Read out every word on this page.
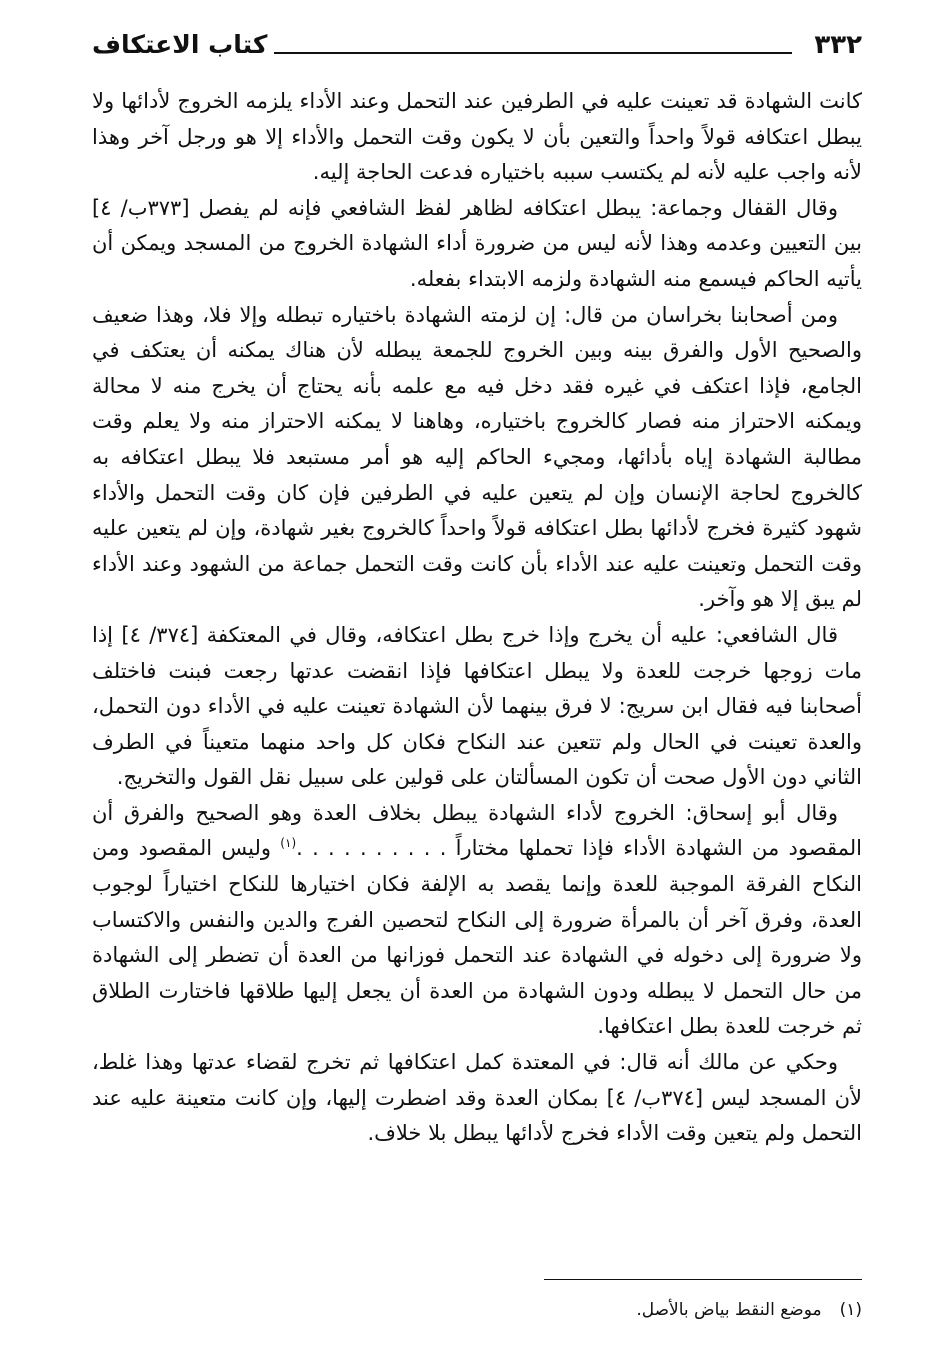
٣٣٢
كتاب الاعتكاف

كانت الشهادة قد تعينت عليه في الطرفين عند التحمل وعند الأداء يلزمه الخروج لأدائها ولا يبطل اعتكافه قولاً واحداً والتعين بأن لا يكون وقت التحمل والأداء إلا هو ورجل آخر وهذا لأنه واجب عليه لأنه لم يكتسب سببه باختياره فدعت الحاجة إليه.

وقال القفال وجماعة: يبطل اعتكافه لظاهر لفظ الشافعي فإنه لم يفصل [٣٧٣ب/ ٤] بين التعيين وعدمه وهذا لأنه ليس من ضرورة أداء الشهادة الخروج من المسجد ويمكن أن يأتيه الحاكم فيسمع منه الشهادة ولزمه الابتداء بفعله.

ومن أصحابنا بخراسان من قال: إن لزمته الشهادة باختياره تبطله وإلا فلا، وهذا ضعيف والصحيح الأول والفرق بينه وبين الخروج للجمعة يبطله لأن هناك يمكنه أن يعتكف في الجامع، فإذا اعتكف في غيره فقد دخل فيه مع علمه بأنه يحتاج أن يخرج منه لا محالة ويمكنه الاحتراز منه فصار كالخروج باختياره، وهاهنا لا يمكنه الاحتراز منه ولا يعلم وقت مطالبة الشهادة إياه بأدائها، ومجيء الحاكم إليه هو أمر مستبعد فلا يبطل اعتكافه به كالخروج لحاجة الإنسان وإن لم يتعين عليه في الطرفين فإن كان وقت التحمل والأداء شهود كثيرة فخرج لأدائها بطل اعتكافه قولاً واحداً كالخروج بغير شهادة، وإن لم يتعين عليه وقت التحمل وتعينت عليه عند الأداء بأن كانت وقت التحمل جماعة من الشهود وعند الأداء لم يبق إلا هو وآخر.

قال الشافعي: عليه أن يخرج وإذا خرج بطل اعتكافه، وقال في المعتكفة [٣٧٤/ ٤] إذا مات زوجها خرجت للعدة ولا يبطل اعتكافها فإذا انقضت عدتها رجعت فبنت فاختلف أصحابنا فيه فقال ابن سريج: لا فرق بينهما لأن الشهادة تعينت عليه في الأداء دون التحمل، والعدة تعينت في الحال ولم تتعين عند النكاح فكان كل واحد منهما متعيناً في الطرف الثاني دون الأول صحت أن تكون المسألتان على قولين على سبيل نقل القول والتخريج.

وقال أبو إسحاق: الخروج لأداء الشهادة يبطل بخلاف العدة وهو الصحيح والفرق أن المقصود من الشهادة الأداء فإذا تحملها مختاراً . . . . . . . . . .$^{(١)}$ وليس المقصود ومن النكاح الفرقة الموجبة للعدة وإنما يقصد به الإلفة فكان اختيارها للنكاح اختياراً لوجوب العدة، وفرق آخر أن بالمرأة ضرورة إلى النكاح لتحصين الفرج والدين والنفس والاكتساب ولا ضرورة إلى دخوله في الشهادة عند التحمل فوزانها من العدة أن تضطر إلى الشهادة من حال التحمل لا يبطله ودون الشهادة من العدة أن يجعل إليها طلاقها فاختارت الطلاق ثم خرجت للعدة بطل اعتكافها.

وحكي عن مالك أنه قال: في المعتدة كمل اعتكافها ثم تخرج لقضاء عدتها وهذا غلط، لأن المسجد ليس [٣٧٤ب/ ٤] بمكان العدة وقد اضطرت إليها، وإن كانت متعينة عليه عند التحمل ولم يتعين وقت الأداء فخرج لأدائها يبطل بلا خلاف.

(١)موضع النقط بياض بالأصل.
